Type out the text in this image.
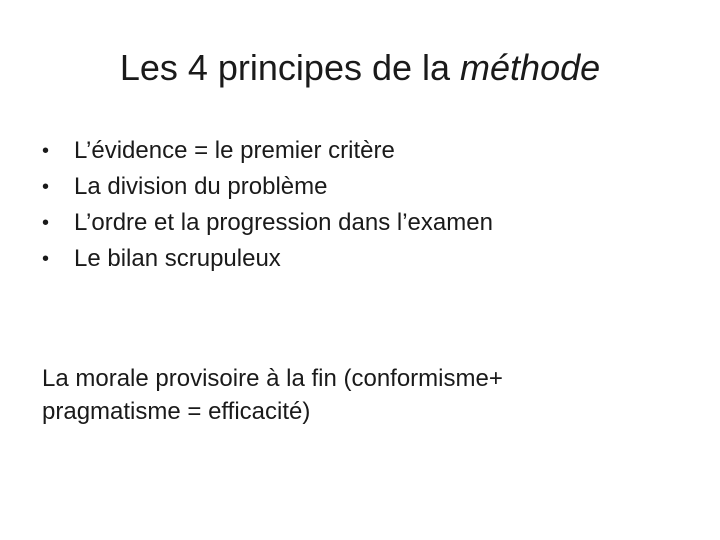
Les 4 principes de la méthode
•	L’évidence = le premier critère
•	La division du problème
•	L’ordre et la progression dans l’examen
•	Le bilan scrupuleux
La morale provisoire à la fin (conformisme+
pragmatisme = efficacité)
